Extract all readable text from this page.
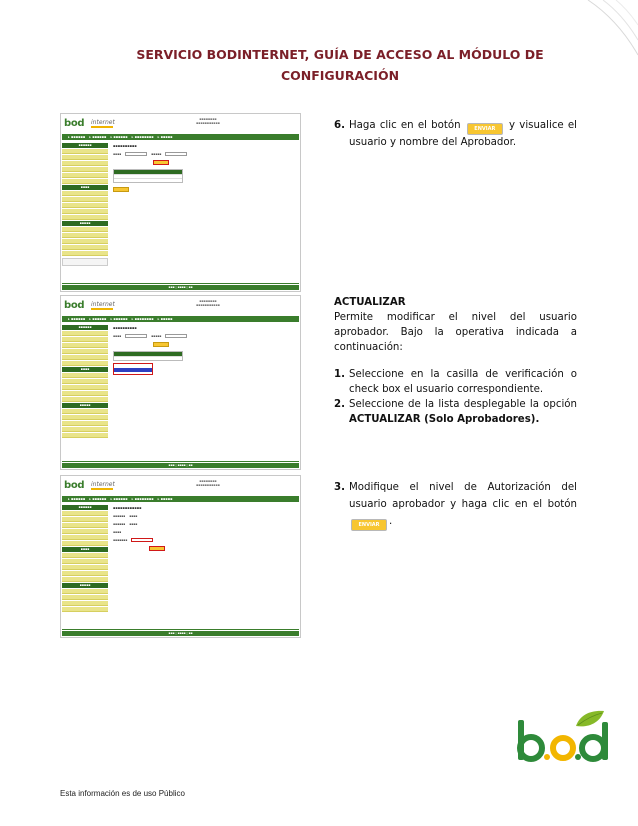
SERVICIO BODINTERNET, GUÍA DE ACCESO AL MÓDULO DE
CONFIGURACIÓN
bod internet	▪▪▪▪▪▪▪▪
▪▪▪▪▪▪▪▪▪▪▪
▸ ▪▪▪▪▪▪ ▸ ▪▪▪▪▪▪ ▸ ▪▪▪▪▪▪ ▸ ▪▪▪▪▪▪▪▪ ▸ ▪▪▪▪▪
▪▪▪▪▪▪
▪▪▪▪
▪▪▪▪▪
▪▪▪▪▪▪▪▪▪▪
▪▪▪▪	▪▪▪▪▪
▪▪▪ | ▪▪▪▪ | ▪▪
bod internet	▪▪▪▪▪▪▪▪
▪▪▪▪▪▪▪▪▪▪▪
▸ ▪▪▪▪▪▪ ▸ ▪▪▪▪▪▪ ▸ ▪▪▪▪▪▪ ▸ ▪▪▪▪▪▪▪▪ ▸ ▪▪▪▪▪
▪▪▪▪▪▪
▪▪▪▪
▪▪▪▪▪
▪▪▪▪▪▪▪▪▪▪
▪▪▪▪	▪▪▪▪▪
▪▪▪ | ▪▪▪▪ | ▪▪
bod internet	▪▪▪▪▪▪▪▪
▪▪▪▪▪▪▪▪▪▪▪
▸ ▪▪▪▪▪▪ ▸ ▪▪▪▪▪▪ ▸ ▪▪▪▪▪▪ ▸ ▪▪▪▪▪▪▪▪ ▸ ▪▪▪▪▪
▪▪▪▪▪▪
▪▪▪▪
▪▪▪▪▪
▪▪▪▪▪▪▪▪▪▪▪▪
▪▪▪▪▪▪ ▪▪▪▪
▪▪▪▪▪▪ ▪▪▪▪
▪▪▪▪
▪▪▪▪▪▪▪
▪▪▪ | ▪▪▪▪ | ▪▪
6. Haga clic en el botón	ENVIAR y visualice el usuario y nombre del Aprobador.
ACTUALIZAR
Permite modificar el nivel del usuario aprobador. Bajo la operativa indicada a continuación:
1. Seleccione en la casilla de verificación o check box el usuario correspondiente.
2. Seleccione de la lista desplegable la opción ACTUALIZAR (Solo Aprobadores).
3. Modifique el nivel de Autorización del usuario aprobador y haga clic en el botón ENVIAR .
Esta información es de uso Público
